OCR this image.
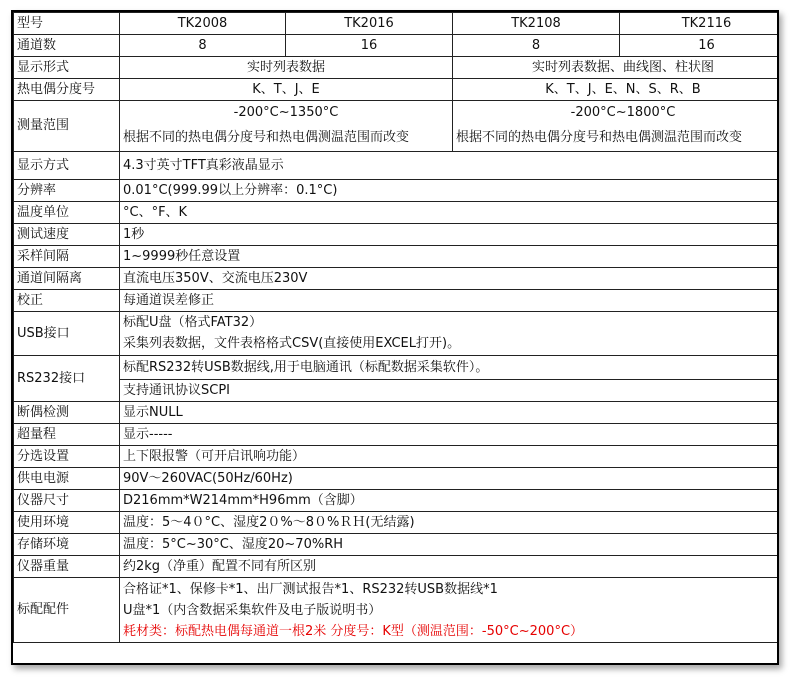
型号	TK2008	TK2016	TK2108	TK2116
通道数	8	16	8	16
显示形式	实时列表数据		实时列表数据、曲线图、柱状图	
热电偶分度号	K、T、J、E		K、T、J、E、N、S、R、B	
测量范围	-200°C~1350°C		-200°C~1800°C	
	根据不同的热电偶分度号和热电偶测温范围而改变		根据不同的热电偶分度号和热电偶测温范围而改变	
显示方式	4.3寸英寸TFT真彩液晶显示			
分辨率	0.01°C(999.99以上分辨率：0.1°C)			
温度单位	°C、°F、K			
测试速度	1秒			
采样间隔	1~9999秒任意设置			
通道间隔离	直流电压350V、交流电压230V			
校正	每通道误差修正			
USB接口	标配U盘（格式FAT32）			
	采集列表数据，文件表格格式CSV(直接使用EXCEL打开)。			
RS232接口	标配RS232转USB数据线,用于电脑通讯（标配数据采集软件）。			
	支持通讯协议SCPI			
断偶检测	显示NULL			
超量程	显示-----			
分选设置	上下限报警（可开启讯响功能）			
供电电源	90V～260VAC(50Hz/60Hz)			
仪器尺寸	D216mm*W214mm*H96mm（含脚）			
使用环境	温度：5～4０°C、湿度2０%～8０%ＲＨ(无结露)			
存储环境	温度：5°C~30°C、湿度20~70%RH			
仪器重量	约2kg（净重）配置不同有所区别			
标配配件	合格证*1、保修卡*1、出厂测试报告*1、RS232转USB数据线*1
U盘*1（内含数据采集软件及电子版说明书）
耗材类：标配热电偶每通道一根2米 分度号：K型（测温范围：-50°C~200°C）			
